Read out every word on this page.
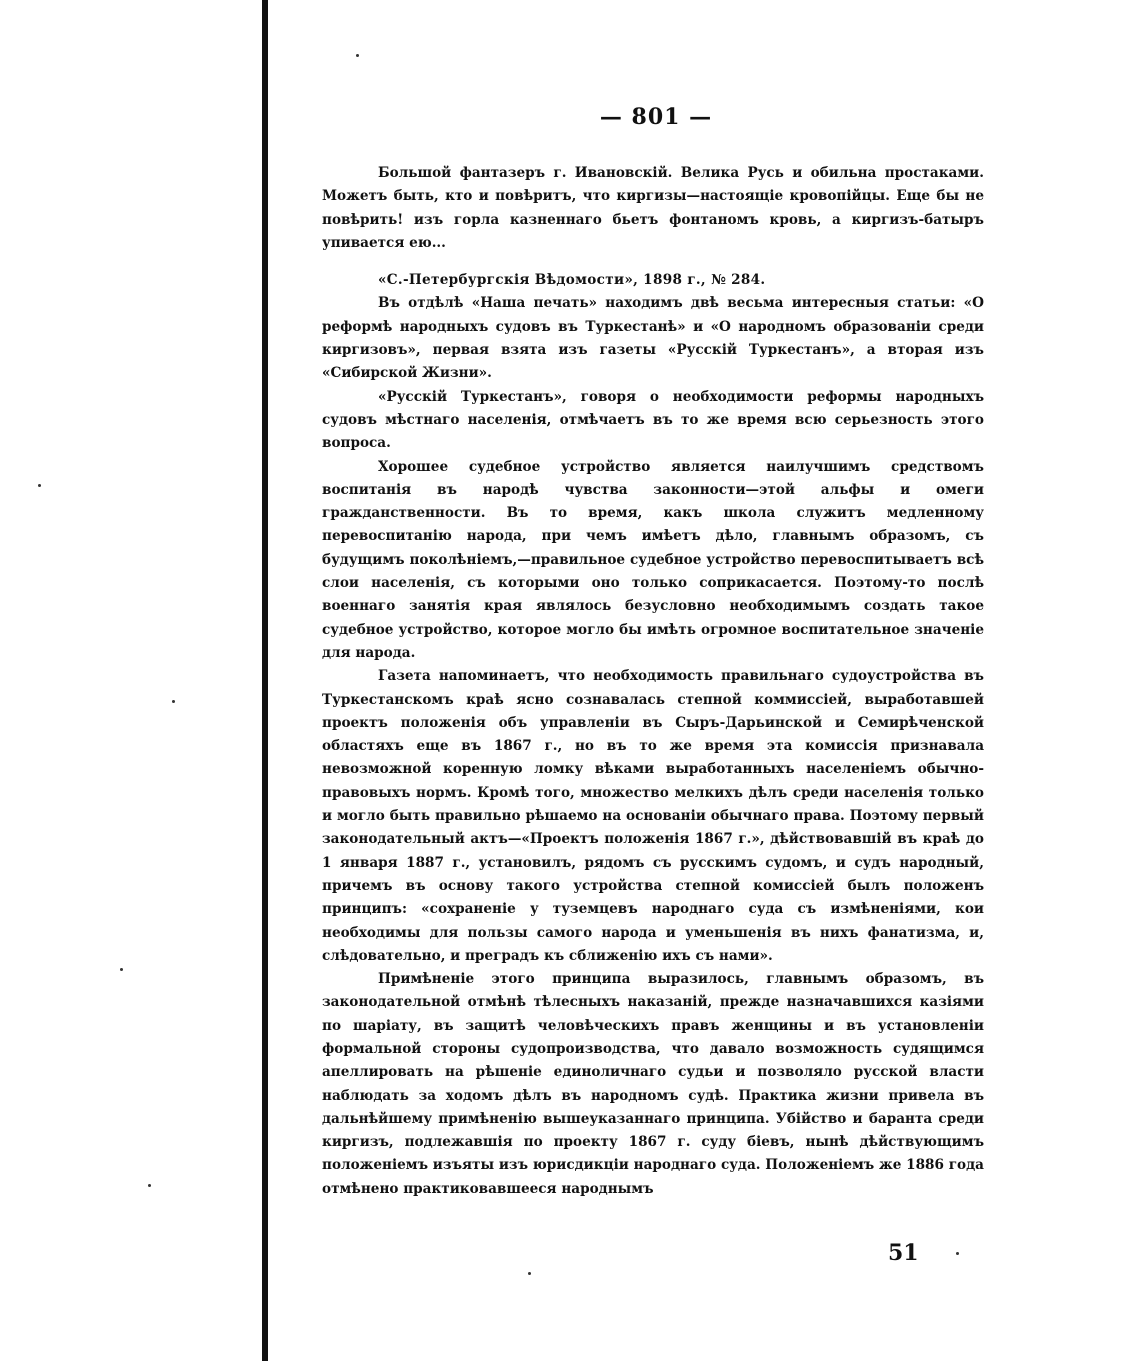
— 801 —

Большой фантазеръ г. Ивановскій. Велика Русь и обильна простаками. Можетъ быть, кто и повѣритъ, что киргизы—настоящіе кровопійцы. Еще бы не повѣрить! изъ горла казненнаго бьетъ фонтаномъ кровь, а киргизъ-батыръ упивается ею...

«С.-Петербургскія Вѣдомости», 1898 г., № 284.

Въ отдѣлѣ «Наша печать» находимъ двѣ весьма интересныя статьи: «О реформѣ народныхъ судовъ въ Туркестанѣ» и «О народномъ образованіи среди киргизовъ», первая взята изъ газеты «Русскій Туркестанъ», а вторая изъ «Сибирской Жизни».

«Русскій Туркестанъ», говоря о необходимости реформы народныхъ судовъ мѣстнаго населенія, отмѣчаетъ въ то же время всю серьезность этого вопроса.

Хорошее судебное устройство является наилучшимъ средствомъ воспитанія въ народѣ чувства законности—этой альфы и омеги гражданственности. Въ то время, какъ школа служитъ медленному перевоспитанію народа, при чемъ имѣетъ дѣло, главнымъ образомъ, съ будущимъ поколѣніемъ,—правильное судебное устройство перевоспитываетъ всѣ слои населенія, съ которыми оно только соприкасается. Поэтому-то послѣ военнаго занятія края являлось безусловно необходимымъ создать такое судебное устройство, которое могло бы имѣть огромное воспитательное значеніе для народа.

Газета напоминаетъ, что необходимость правильнаго судоустройства въ Туркестанскомъ краѣ ясно сознавалась степной коммиссіей, выработавшей проектъ положенія объ управленіи въ Сыръ-Дарьинской и Семирѣченской областяхъ еще въ 1867 г., но въ то же время эта комиссія признавала невозможной коренную ломку вѣками выработанныхъ населеніемъ обычно-правовыхъ нормъ. Кромѣ того, множество мелкихъ дѣлъ среди населенія только и могло быть правильно рѣшаемо на основаніи обычнаго права. Поэтому первый законодательный актъ—«Проектъ положенія 1867 г.», дѣйствовавшій въ краѣ до 1 января 1887 г., установилъ, рядомъ съ русскимъ судомъ, и судъ народный, причемъ въ основу такого устройства степной комиссіей былъ положенъ принципъ: «сохраненіе у туземцевъ народнаго суда съ измѣненіями, кои необходимы для пользы самого народа и уменьшенія въ нихъ фанатизма, и, слѣдовательно, и преградъ къ сближенію ихъ съ нами».

Примѣненіе этого принципа выразилось, главнымъ образомъ, въ законодательной отмѣнѣ тѣлесныхъ наказаній, прежде назначавшихся казіями по шаріату, въ защитѣ человѣческихъ правъ женщины и въ установленіи формальной стороны судопроизводства, что давало возможность судящимся апеллировать на рѣшеніе единоличнаго судьи и позволяло русской власти наблюдать за ходомъ дѣлъ въ народномъ судѣ. Практика жизни привела въ дальнѣйшему примѣненію вышеуказаннаго принципа. Убійство и баранта среди киргизъ, подлежавшія по проекту 1867 г. суду біевъ, нынѣ дѣйствующимъ положеніемъ изъяты изъ юрисдикціи народнаго суда. Положеніемъ же 1886 года отмѣнено практиковавшееся народнымъ

51
